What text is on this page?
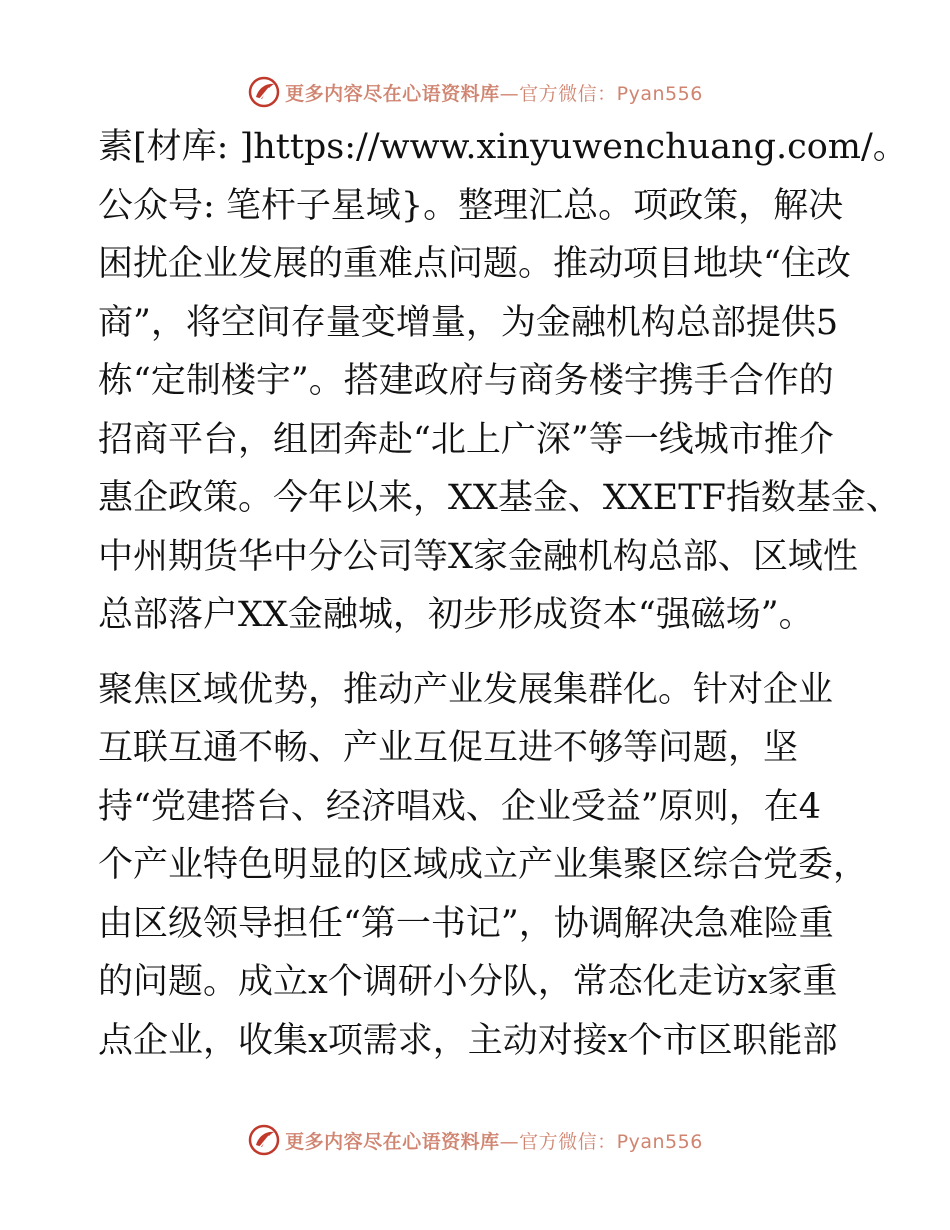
更多内容尽在心语资料库 —官方微信：Pyan556
素[材库: ]https://www.xinyuwenchuang.com/。
公众号: 笔杆子星域}。整理汇总。项政策，解决
困扰企业发展的重难点问题。推动项目地块“住改
商”，将空间存量变增量，为金融机构总部提供5
栋“定制楼宇”。搭建政府与商务楼宇携手合作的
招商平台，组团奔赴“北上广深”等一线城市推介
惠企政策。今年以来，XX基金、XXETF指数基金、
中州期货华中分公司等X家金融机构总部、区域性
总部落户XX金融城，初步形成资本“强磁场”。
聚焦区域优势，推动产业发展集群化。针对企业
互联互通不畅、产业互促互进不够等问题，坚
持“党建搭台、经济唱戏、企业受益”原则，在4
个产业特色明显的区域成立产业集聚区综合党委，
由区级领导担任“第一书记”，协调解决急难险重
的问题。成立x个调研小分队，常态化走访x家重
点企业，收集x项需求，主动对接x个市区职能部
更多内容尽在心语资料库 —官方微信：Pyan556
